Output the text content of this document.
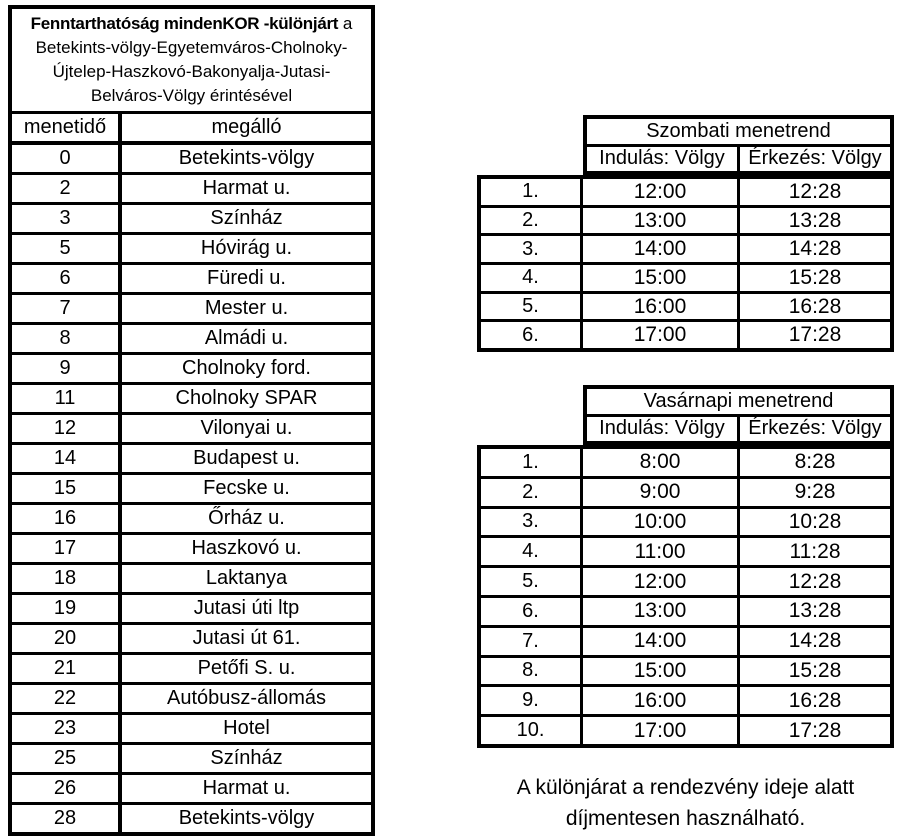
Fenntarthatóság mindenKOR -különjárt a
Betekints-völgy-Egyetemváros-Cholnoky-
Újtelep-Haszkovó-Bakonyalja-Jutasi-
Belváros-Völgy érintésével
menetidő	megálló
0	Betekints-völgy
2	Harmat u.
3	Színház
5	Hóvirág u.
6	Füredi u.
7	Mester u.
8	Almádi u.
9	Cholnoky ford.
11	Cholnoky SPAR
12	Vilonyai u.
14	Budapest u.
15	Fecske u.
16	Őrház u.
17	Haszkovó u.
18	Laktanya
19	Jutasi úti ltp
20	Jutasi út 61.
21	Petőfi S. u.
22	Autóbusz-állomás
23	Hotel
25	Színház
26	Harmat u.
28	Betekints-völgy
Szombati menetrend
Indulás: Völgy	Érkezés: Völgy
1.	12:00	12:28
2.	13:00	13:28
3.	14:00	14:28
4.	15:00	15:28
5.	16:00	16:28
6.	17:00	17:28
Vasárnapi menetrend
Indulás: Völgy	Érkezés: Völgy
1.	8:00	8:28
2.	9:00	9:28
3.	10:00	10:28
4.	11:00	11:28
5.	12:00	12:28
6.	13:00	13:28
7.	14:00	14:28
8.	15:00	15:28
9.	16:00	16:28
10.	17:00	17:28
A különjárat a rendezvény ideje alatt
díjmentesen használható.
